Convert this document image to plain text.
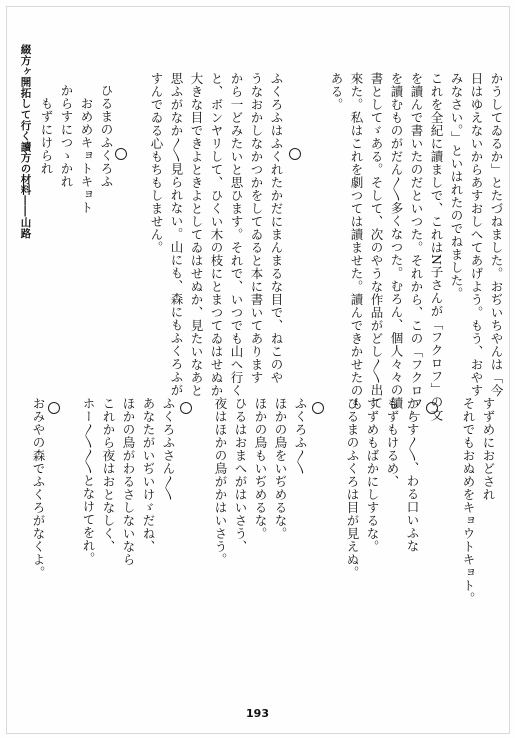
綴方ヶ開拓して行く讀方の材料――山路	かうしてゐるか」とたづねました。おぢいちやんは「今
日はゆえないからあすおしへてあげよう。もう、おやす
みなさい。」といはれたのでねました。
これを全紀に讀ましで、これはN子さんが「フクロフ」の文
を讀んで書いたのだといつた。それから、この「フクロフ」
を讀むものがだん〳〵多くなつた。むろん、個人々々の讀
書としてゞある。そして、次のやうな作品がどし〳〵出て
來た。私はこれを劇つては讀ませた。讀んできかせたのも
ある。
ふくろふはふくれたかだにまんまるな目で、ねこのや
うなおかしなかつかをしてゐると本に書いてあります
から一どみたいと思ひます。それで、いつでも山へ行く
と、ボンヤリして、ひくい木の枝にとまつてゐはせぬか
大きな目できよときよとしてゐはせぬか、見たいなあと
思ふがなか〳〵見られない。山にも、森にもふくろふが
すんでゐる心もちもしません。
ひるまのふくろふ
　おめめキョトキョト
からすにつゝかれ
　もずにけられ
すずめにおどされ
それでもおぬめをキョウトキョト。
からす〳〵、わる口いふな
もずもけるめ、
すずめもばかにしするな。
ひるまのふくろは目が見えぬ。
ふくろふ〳〵
ほかの鳥をいぢめるな。
ほかの鳥もいぢめるな。
ひるはおまへがはいさう、
夜はほかの鳥がかはいさう。
ふくろふさん〳〵
あなたがいぢいけゞだね、
ほかの鳥がわるさしないなら
これから夜はおとなしく、
ホー〳〵〳〵となけてをれ。
おみやの森でふくろがなくよ。
193
